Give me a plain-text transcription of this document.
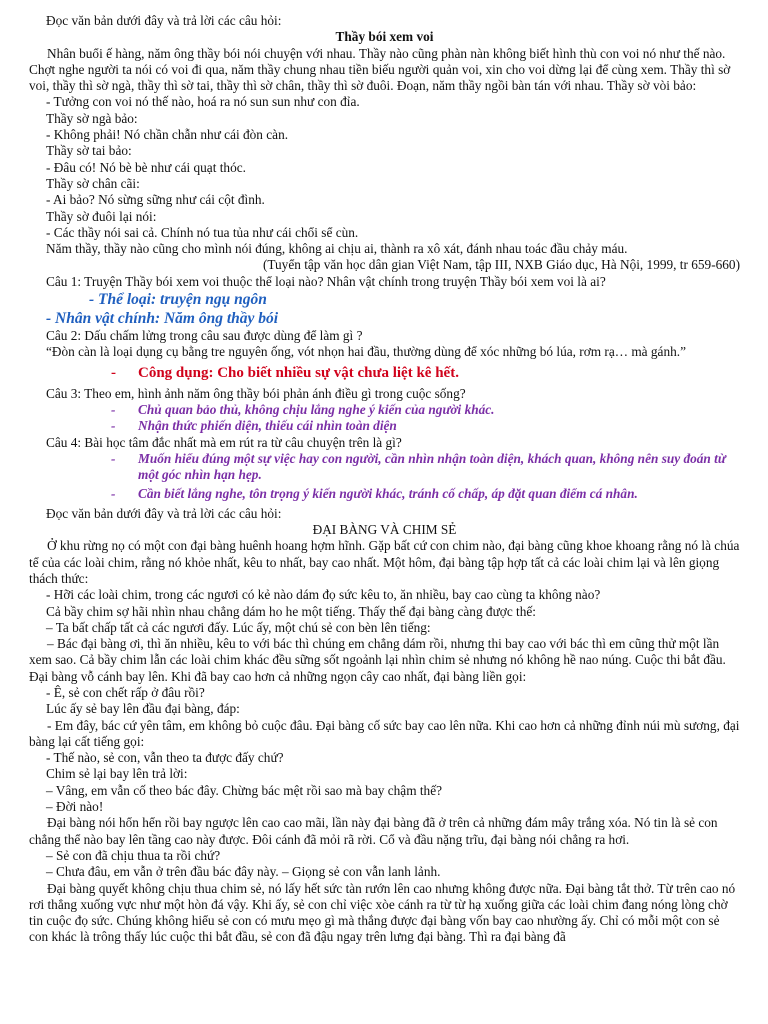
Đọc văn bản dưới đây và trả lời các câu hỏi:

Thầy bói xem voi

Nhân buổi ế hàng, năm ông thầy bói nói chuyện với nhau. Thầy nào cũng phàn nàn không biết hình thù con voi nó như thế nào. Chợt nghe người ta nói có voi đi qua, năm thầy chung nhau tiền biếu người quản voi, xin cho voi dừng lại để cùng xem. Thầy thì sờ voi, thầy thì sờ ngà, thầy thì sờ tai, thầy thì sờ chân, thầy thì sờ đuôi. Đoạn, năm thầy ngồi bàn tán với nhau. Thầy sờ vòi bảo:

- Tưởng con voi nó thế nào, hoá ra nó sun sun như con đỉa.

Thầy sờ ngà bảo:

- Không phải! Nó chần chẫn như cái đòn càn.

Thầy sờ tai bảo:

- Đâu có! Nó bè bè như cái quạt thóc.

Thầy sờ chân cãi:

- Ai bảo? Nó sừng sững như cái cột đình.

Thầy sờ đuôi lại nói:

- Các thầy nói sai cả. Chính nó tua tủa như cái chổi sể cùn.

Năm thầy, thầy nào cũng cho mình nói đúng, không ai chịu ai, thành ra xô xát, đánh nhau toác đầu chảy máu.

(Tuyển tập văn học dân gian Việt Nam, tập III, NXB Giáo dục, Hà Nội, 1999, tr 659-660)

Câu 1: Truyện Thầy bói xem voi thuộc thể loại nào? Nhân vật chính trong truyện Thầy bói xem voi là ai?

- Thể loại: truyện ngụ ngôn

- Nhân vật chính: Năm ông thầy bói

Câu 2: Dấu chấm lửng trong câu sau được dùng để làm gì ?

“Đòn càn là loại dụng cụ bằng tre nguyên ống, vót nhọn hai đầu, thường dùng để xóc những bó lúa, rơm rạ… mà gánh.”

-	Công dụng: Cho biết nhiều sự vật chưa liệt kê hết.

Câu 3: Theo em, hình ảnh năm ông thầy bói phản ánh điều gì trong cuộc sống?

-	Chủ quan bảo thủ, không chịu lắng nghe ý kiến của người khác.
-	Nhận thức phiến diện, thiếu cái nhìn toàn diện

Câu 4: Bài học tâm đắc nhất mà em rút ra từ câu chuyện trên là gì?

-	Muốn hiểu đúng một sự việc hay con người, cần nhìn nhận toàn diện, khách quan, không nên suy đoán từ một góc nhìn hạn hẹp.
-	Cần biết lắng nghe, tôn trọng ý kiến người khác, tránh cố chấp, áp đặt quan điểm cá nhân.

Đọc văn bản dưới đây và trả lời các câu hỏi:

ĐẠI BÀNG VÀ CHIM SẺ

Ở khu rừng nọ có một con đại bàng huênh hoang hợm hĩnh. Gặp bất cứ con chim nào, đại bàng cũng khoe khoang rằng nó là chúa tể của các loài chim, rằng nó khỏe nhất, kêu to nhất, bay cao nhất. Một hôm, đại bàng tập hợp tất cả các loài chim lại và lên giọng thách thức:

- Hỡi các loài chim, trong các ngươi có kẻ nào dám đọ sức kêu to, ăn nhiều, bay cao cùng ta không nào?

Cả bầy chim sợ hãi nhìn nhau chẳng dám ho he một tiếng. Thấy thế đại bàng càng được thế:

– Ta bất chấp tất cả các ngươi đấy. Lúc ấy, một chú sẻ con bèn lên tiếng:

– Bác đại bàng ơi, thì ăn nhiều, kêu to với bác thì chúng em chẳng dám rồi, nhưng thi bay cao với bác thì em cũng thử một lần xem sao. Cả bầy chim lẫn các loài chim khác đều sững sốt ngoảnh lại nhìn chim sẻ nhưng nó không hề nao núng. Cuộc thi bắt đầu. Đại bàng vỗ cánh bay lên. Khi đã bay cao hơn cả những ngọn cây cao nhất, đại bàng liền gọi:

- Ê, sẻ con chết rấp ở đâu rồi?

Lúc ấy sẻ bay lên đầu đại bàng, đáp:

- Em đây, bác cứ yên tâm, em không bỏ cuộc đâu. Đại bàng cố sức bay cao lên nữa. Khi cao hơn cả những đỉnh núi mù sương, đại bàng lại cất tiếng gọi:

- Thế nào, sẻ con, vẫn theo ta được đấy chứ?

Chim sẻ lại bay lên trả lời:

– Vâng, em vẫn cố theo bác đây. Chừng bác mệt rồi sao mà bay chậm thế?

– Đời nào!

Đại bàng nói hổn hển rồi bay ngược lên cao cao mãi, lần này đại bàng đã ở trên cả những đám mây trắng xóa. Nó tin là sẻ con chẳng thể nào bay lên tầng cao này được. Đôi cánh đã mỏi rã rời. Cổ và đầu nặng trĩu, đại bàng nói chẳng ra hơi.

– Sẻ con đã chịu thua ta rồi chứ?

– Chưa đâu, em vẫn ở trên đầu bác đây này. – Giọng sẻ con vẫn lanh lảnh.

Đại bàng quyết không chịu thua chim sẻ, nó lấy hết sức tàn rướn lên cao nhưng không được nữa. Đại bàng tắt thở. Từ trên cao nó rơi thẳng xuống vực như một hòn đá vậy. Khi ấy, sẻ con chỉ việc xòe cánh ra từ từ hạ xuống giữa các loài chim đang nóng lòng chờ tin cuộc đọ sức. Chúng không hiểu sẻ con có mưu mẹo gì mà thắng được đại bàng vốn bay cao nhường ấy. Chỉ có mỗi một con sẻ con khác là trông thấy lúc cuộc thi bắt đầu, sẻ con đã đậu ngay trên lưng đại bàng. Thì ra đại bàng đã
